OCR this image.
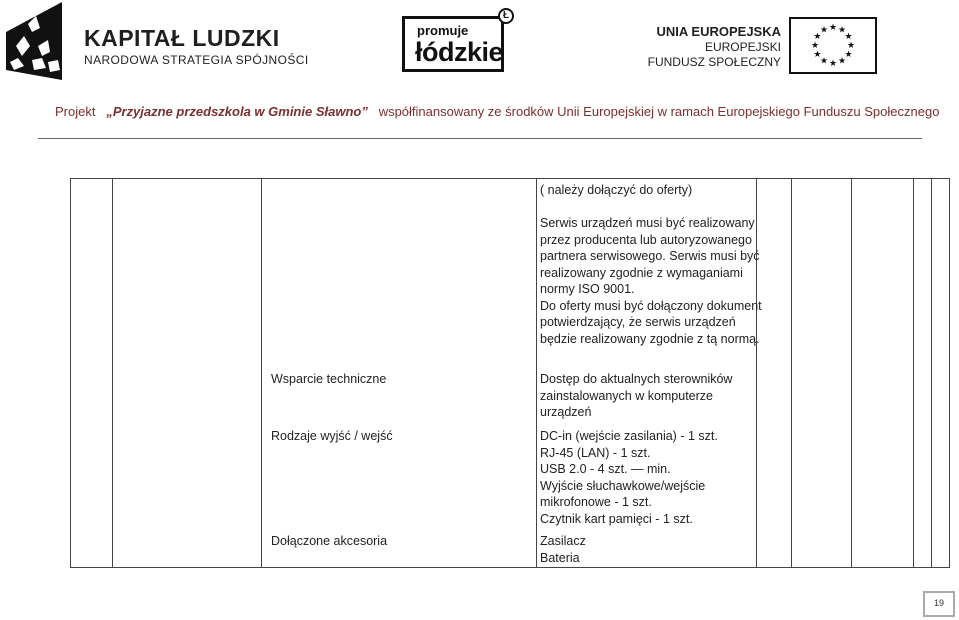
KAPITAŁ LUDZKI
NARODOWA STRATEGIA SPÓJNOŚCI
promuje
łódzkie
Ł
UNIA EUROPEJSKA
EUROPEJSKI
FUNDUSZ SPOŁECZNY
★ ★
★
★
★
★
★
★
★
★
★
★
Projekt „Przyjazne przedszkola w Gminie Sławno” współfinansowany ze środków Unii Europejskiej w ramach Europejskiego Funduszu Społecznego
( należy dołączyć do oferty)
Serwis urządzeń musi być realizowany przez producenta lub autoryzowanego partnera serwisowego. Serwis musi być realizowany zgodnie z wymaganiami normy ISO 9001.
Do oferty musi być dołączony dokument potwierdzający, że serwis urządzeń będzie realizowany zgodnie z tą normą.
Wsparcie techniczne	Dostęp do aktualnych sterowników zainstalowanych w komputerze urządzeń
Rodzaje wyjść / wejść	DC-in (wejście zasilania) - 1 szt.
RJ-45 (LAN) - 1 szt.
USB 2.0 - 4 szt. — min.
Wyjście słuchawkowe/wejście
mikrofonowe - 1 szt.
Czytnik kart pamięci - 1 szt.
Dołączone akcesoria	Zasilacz
Bateria
19
